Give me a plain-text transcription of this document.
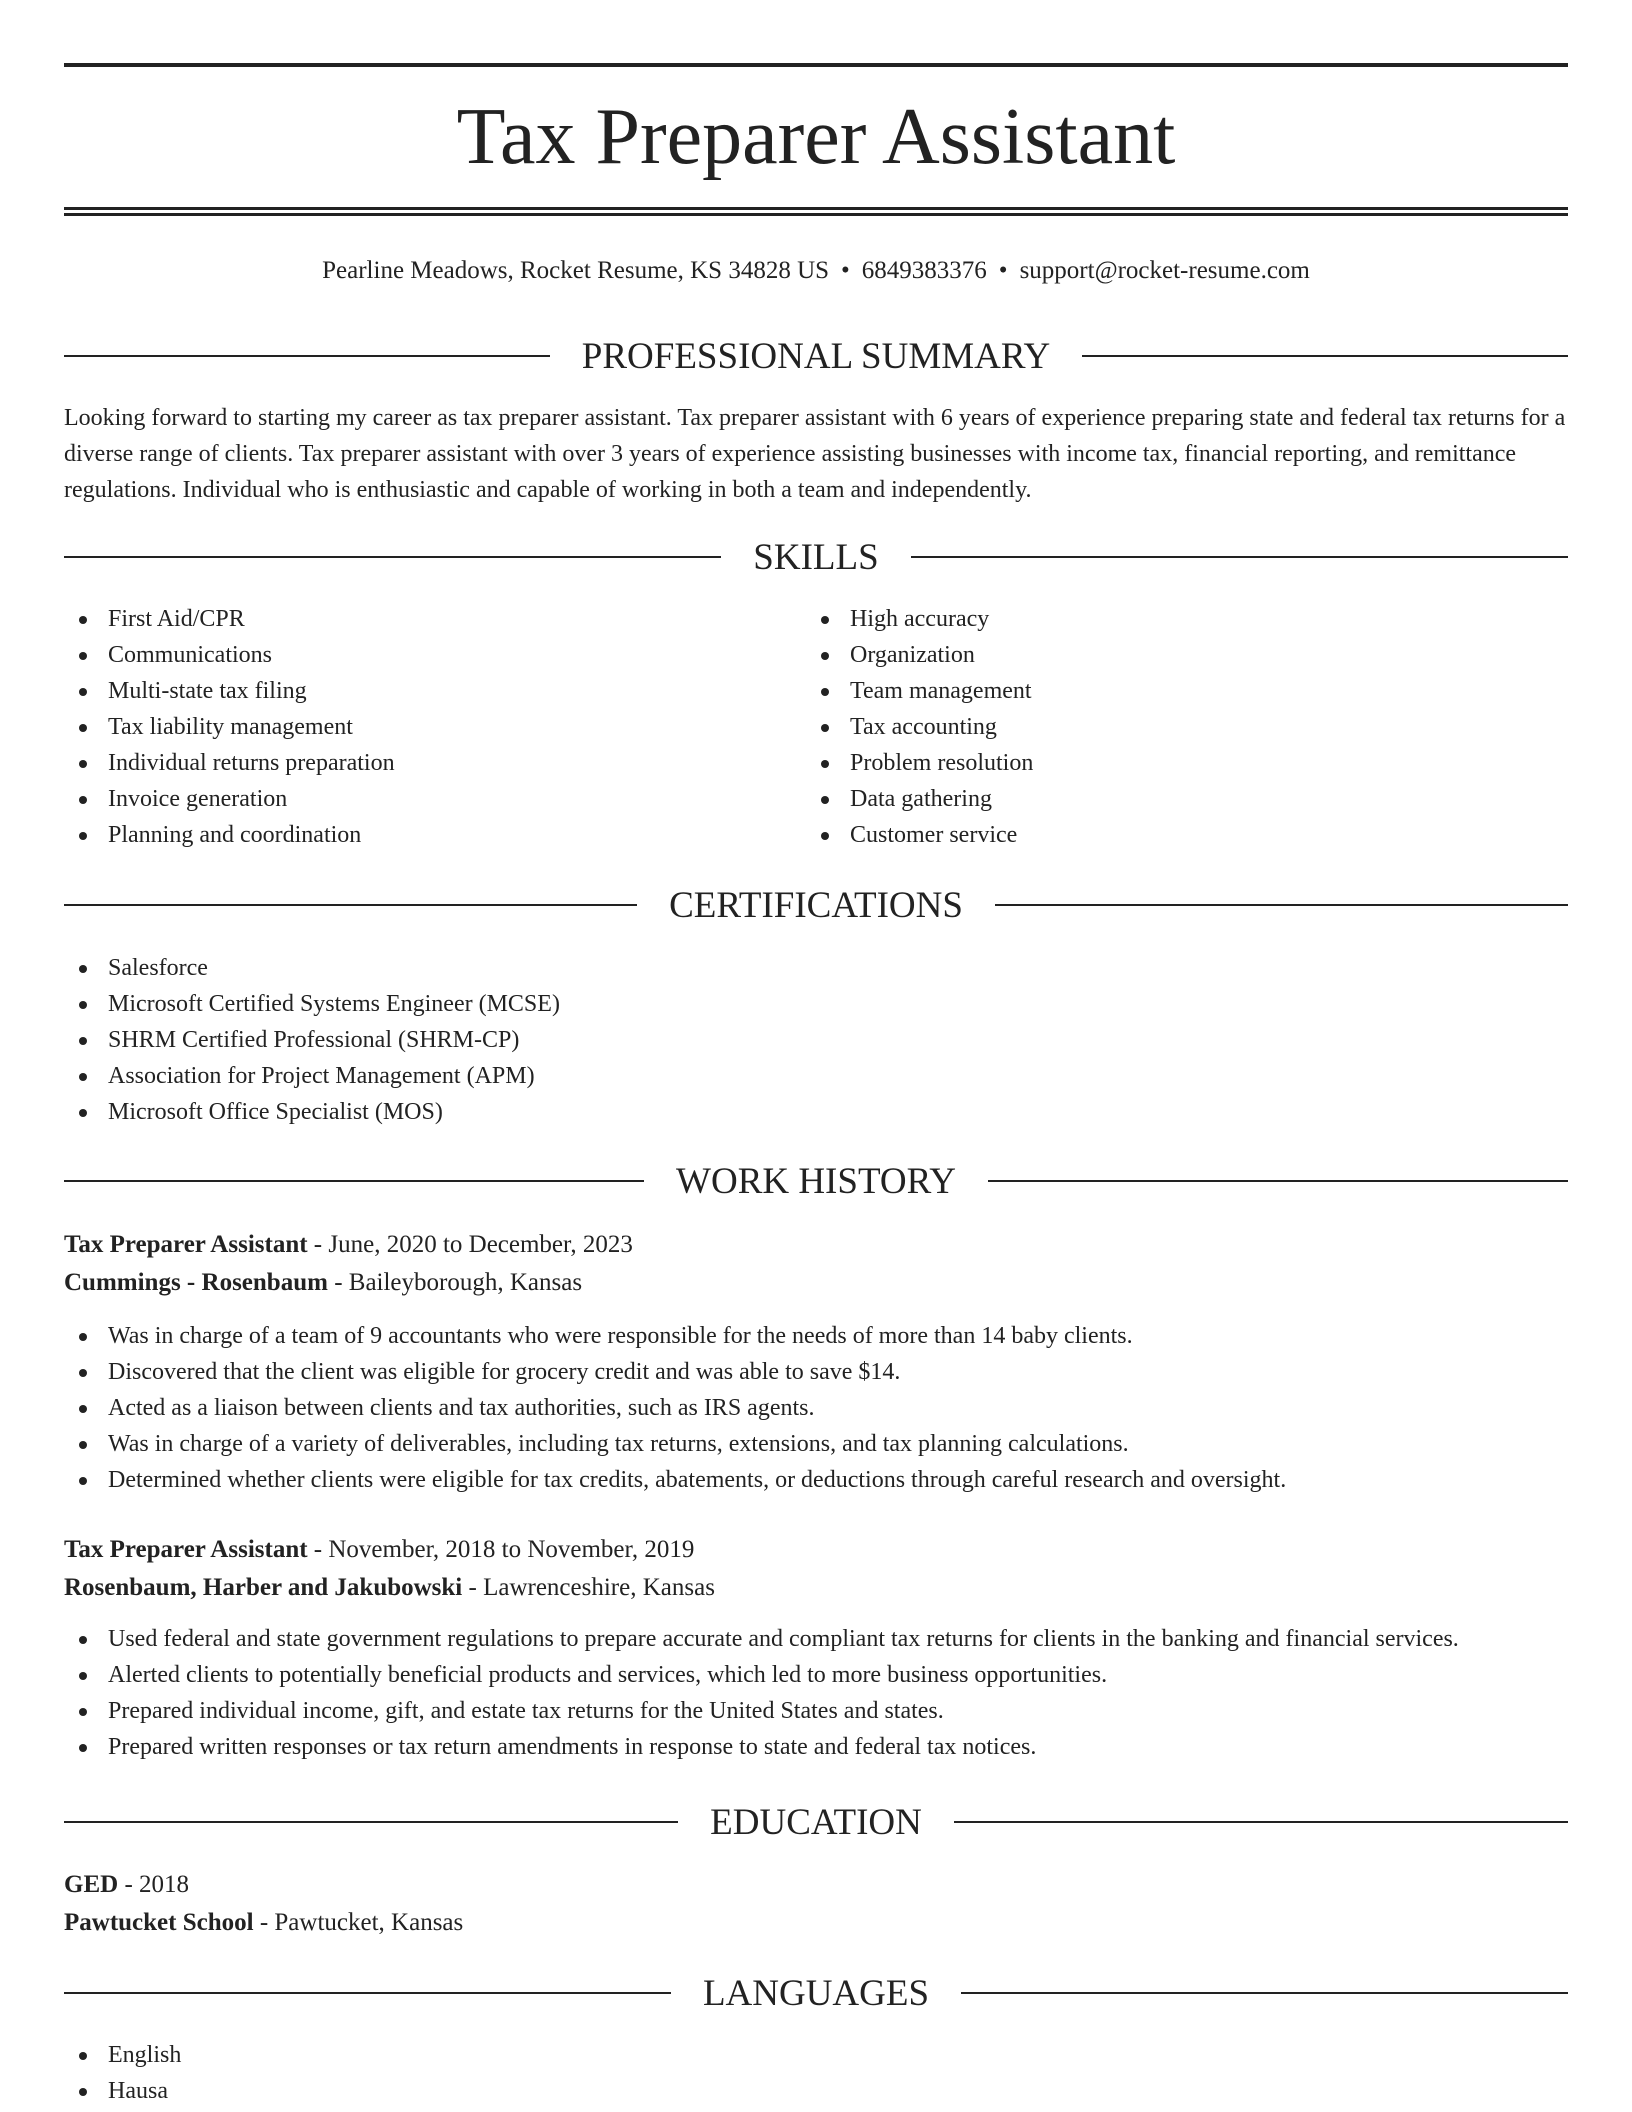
Tax Preparer Assistant

Pearline Meadows, Rocket Resume, KS 34828 US • 6849383376 • support@rocket-resume.com

PROFESSIONAL SUMMARY

Looking forward to starting my career as tax preparer assistant. Tax preparer assistant with 6 years of experience preparing state and federal tax returns for a diverse range of clients. Tax preparer assistant with over 3 years of experience assisting businesses with income tax, financial reporting, and remittance regulations. Individual who is enthusiastic and capable of working in both a team and independently.

SKILLS
First Aid/CPR
Communications
Multi-state tax filing
Tax liability management
Individual returns preparation
Invoice generation
Planning and coordination
High accuracy
Organization
Team management
Tax accounting
Problem resolution
Data gathering
Customer service
CERTIFICATIONS
Salesforce
Microsoft Certified Systems Engineer (MCSE)
SHRM Certified Professional (SHRM-CP)
Association for Project Management (APM)
Microsoft Office Specialist (MOS)
WORK HISTORY

Tax Preparer Assistant - June, 2020 to December, 2023

Cummings - Rosenbaum - Baileyborough, Kansas

Was in charge of a team of 9 accountants who were responsible for the needs of more than 14 baby clients.
Discovered that the client was eligible for grocery credit and was able to save $14.
Acted as a liaison between clients and tax authorities, such as IRS agents.
Was in charge of a variety of deliverables, including tax returns, extensions, and tax planning calculations.
Determined whether clients were eligible for tax credits, abatements, or deductions through careful research and oversight.

Tax Preparer Assistant - November, 2018 to November, 2019

Rosenbaum, Harber and Jakubowski - Lawrenceshire, Kansas

Used federal and state government regulations to prepare accurate and compliant tax returns for clients in the banking and financial services.
Alerted clients to potentially beneficial products and services, which led to more business opportunities.
Prepared individual income, gift, and estate tax returns for the United States and states.
Prepared written responses or tax return amendments in response to state and federal tax notices.
EDUCATION

GED - 2018

Pawtucket School - Pawtucket, Kansas

LANGUAGES
English
Hausa
